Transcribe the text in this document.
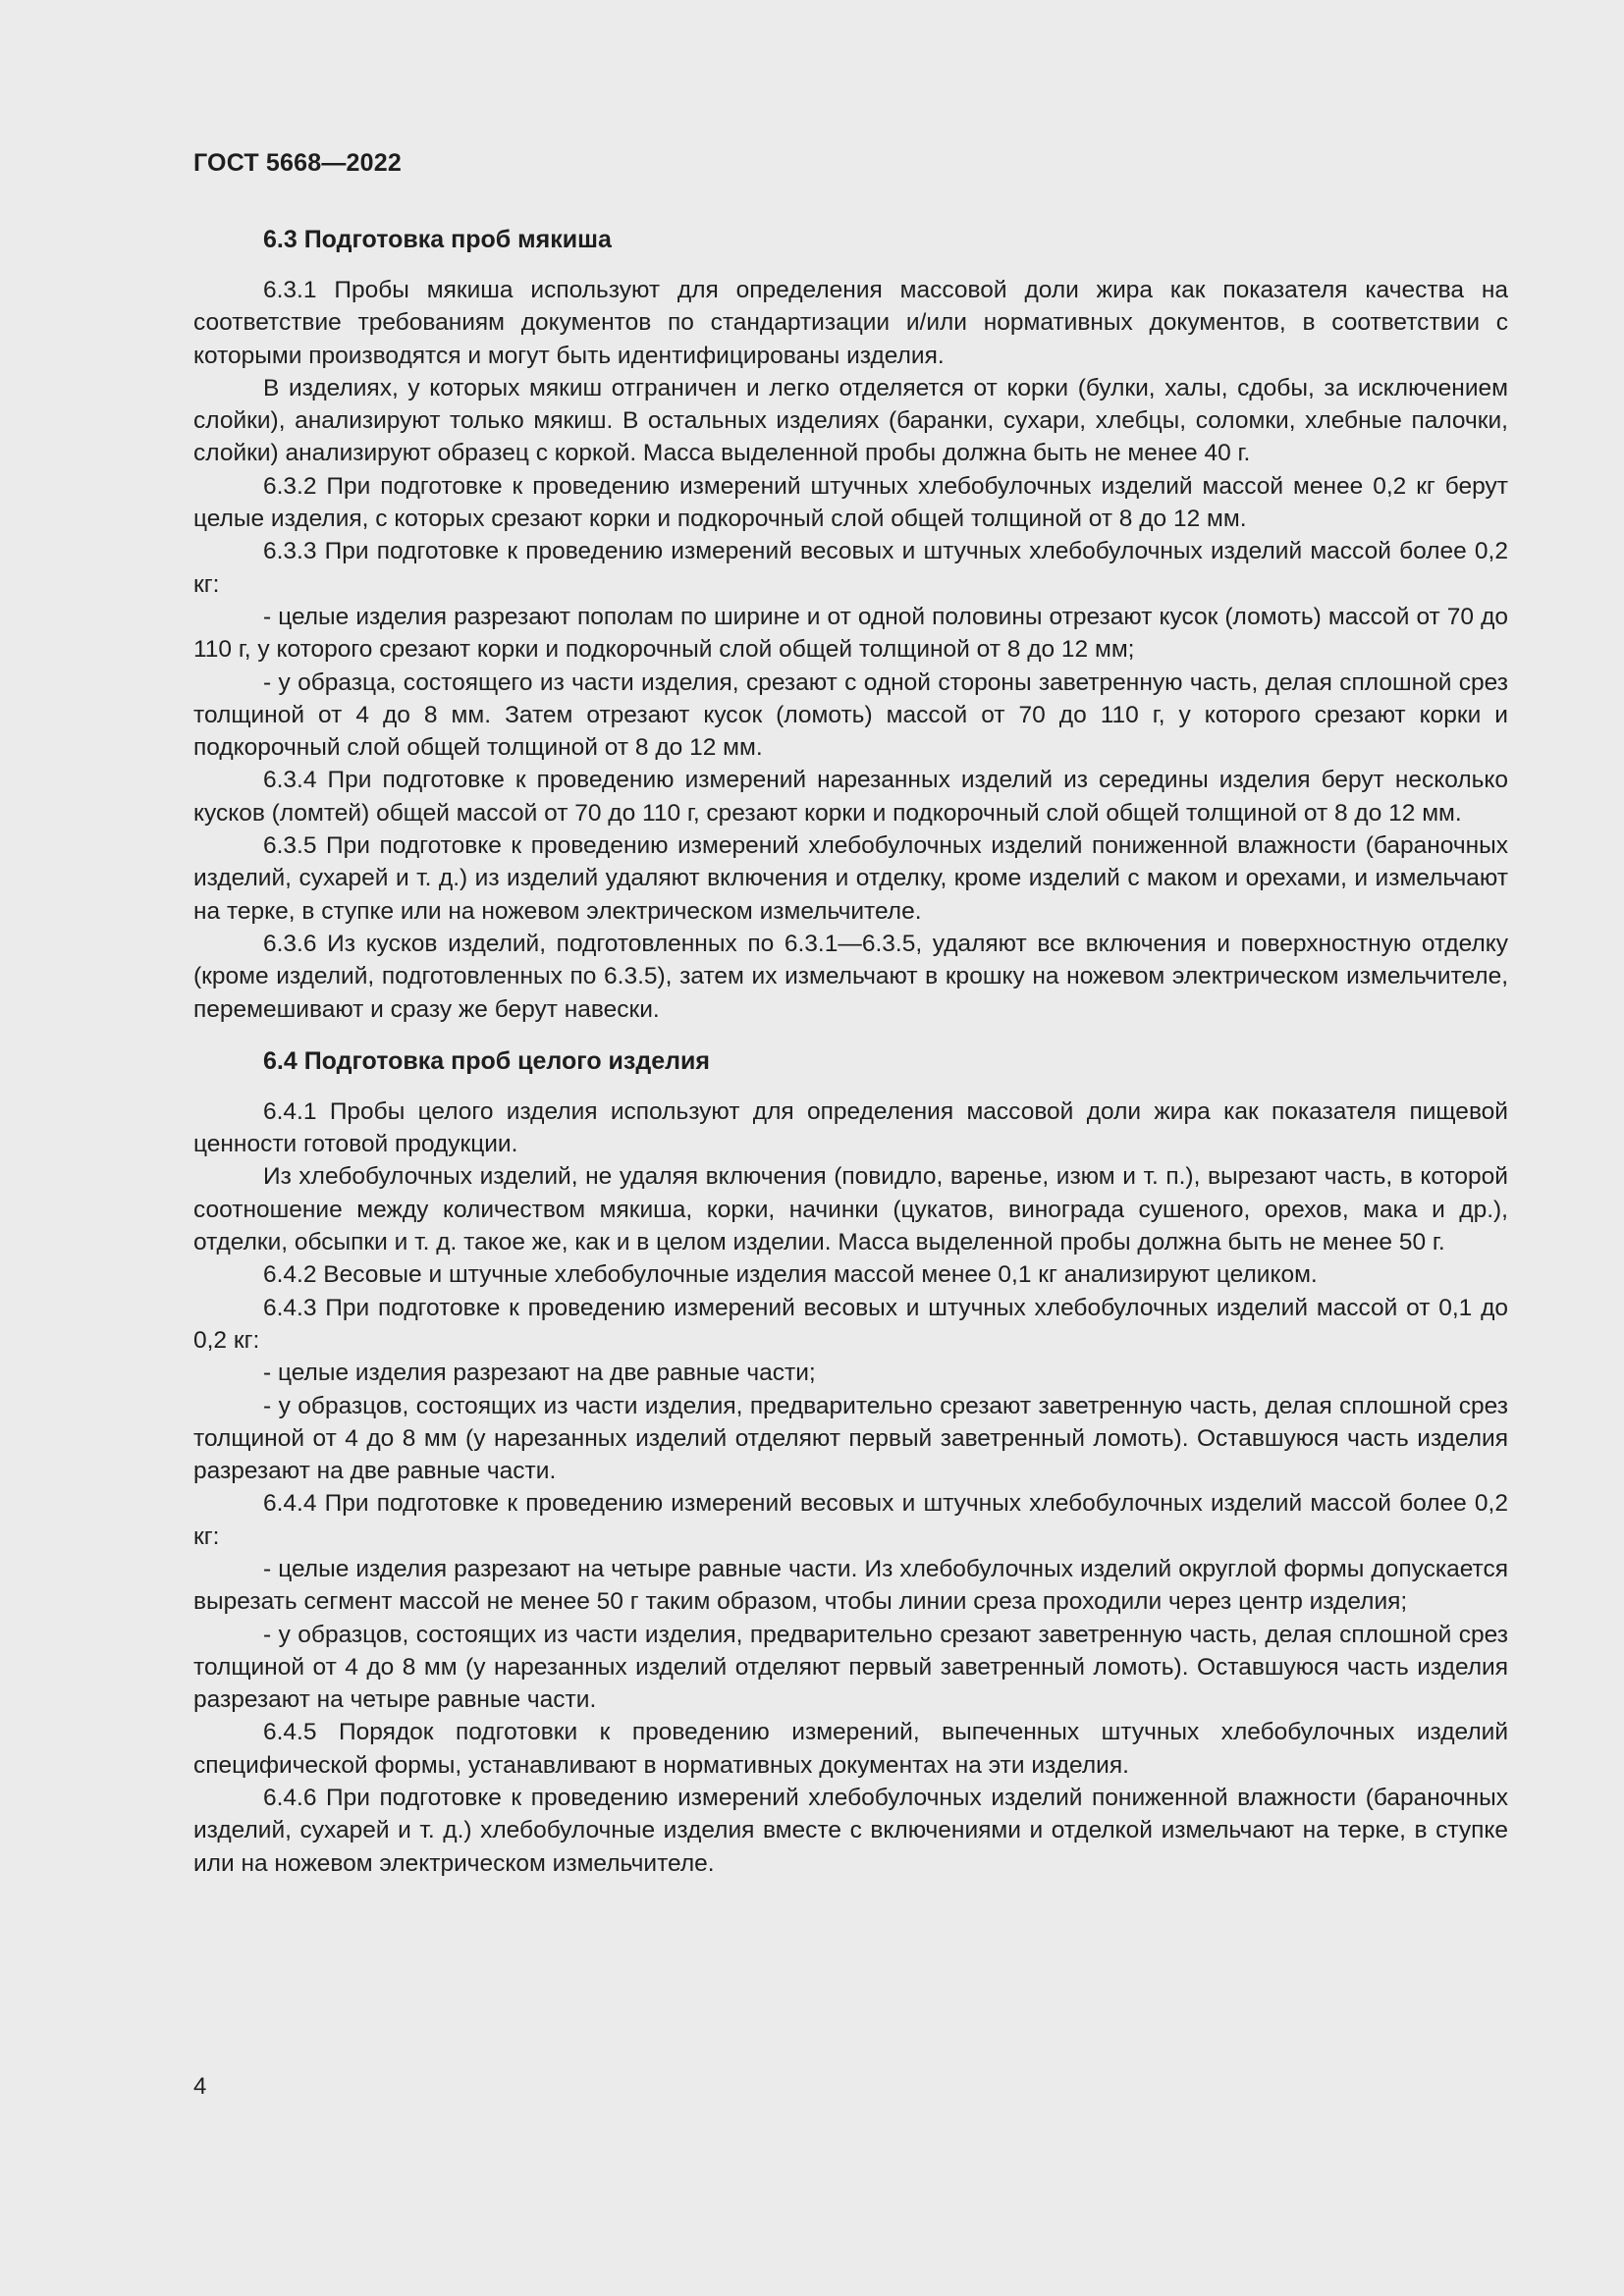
ГОСТ 5668—2022
6.3 Подготовка проб мякиша

6.3.1 Пробы мякиша используют для определения массовой доли жира как показателя качества на соответствие требованиям документов по стандартизации и/или нормативных документов, в соответствии с которыми производятся и могут быть идентифицированы изделия.

В изделиях, у которых мякиш отграничен и легко отделяется от корки (булки, халы, сдобы, за исключением слойки), анализируют только мякиш. В остальных изделиях (баранки, сухари, хлебцы, соломки, хлебные палочки, слойки) анализируют образец с коркой. Масса выделенной пробы должна быть не менее 40 г.

6.3.2 При подготовке к проведению измерений штучных хлебобулочных изделий массой менее 0,2 кг берут целые изделия, с которых срезают корки и подкорочный слой общей толщиной от 8 до 12 мм.

6.3.3 При подготовке к проведению измерений весовых и штучных хлебобулочных изделий массой более 0,2 кг:

- целые изделия разрезают пополам по ширине и от одной половины отрезают кусок (ломоть) массой от 70 до 110 г, у которого срезают корки и подкорочный слой общей толщиной от 8 до 12 мм;

- у образца, состоящего из части изделия, срезают с одной стороны заветренную часть, делая сплошной срез толщиной от 4 до 8 мм. Затем отрезают кусок (ломоть) массой от 70 до 110 г, у которого срезают корки и подкорочный слой общей толщиной от 8 до 12 мм.

6.3.4 При подготовке к проведению измерений нарезанных изделий из середины изделия берут несколько кусков (ломтей) общей массой от 70 до 110 г, срезают корки и подкорочный слой общей толщиной от 8 до 12 мм.

6.3.5 При подготовке к проведению измерений хлебобулочных изделий пониженной влажности (бараночных изделий, сухарей и т. д.) из изделий удаляют включения и отделку, кроме изделий с маком и орехами, и измельчают на терке, в ступке или на ножевом электрическом измельчителе.

6.3.6 Из кусков изделий, подготовленных по 6.3.1—6.3.5, удаляют все включения и поверхностную отделку (кроме изделий, подготовленных по 6.3.5), затем их измельчают в крошку на ножевом электрическом измельчителе, перемешивают и сразу же берут навески.

6.4 Подготовка проб целого изделия

6.4.1 Пробы целого изделия используют для определения массовой доли жира как показателя пищевой ценности готовой продукции.

Из хлебобулочных изделий, не удаляя включения (повидло, варенье, изюм и т. п.), вырезают часть, в которой соотношение между количеством мякиша, корки, начинки (цукатов, винограда сушеного, орехов, мака и др.), отделки, обсыпки и т. д. такое же, как и в целом изделии. Масса выделенной пробы должна быть не менее 50 г.

6.4.2 Весовые и штучные хлебобулочные изделия массой менее 0,1 кг анализируют целиком.

6.4.3 При подготовке к проведению измерений весовых и штучных хлебобулочных изделий массой от 0,1 до 0,2 кг:

- целые изделия разрезают на две равные части;

- у образцов, состоящих из части изделия, предварительно срезают заветренную часть, делая сплошной срез толщиной от 4 до 8 мм (у нарезанных изделий отделяют первый заветренный ломоть). Оставшуюся часть изделия разрезают на две равные части.

6.4.4 При подготовке к проведению измерений весовых и штучных хлебобулочных изделий массой более 0,2 кг:

- целые изделия разрезают на четыре равные части. Из хлебобулочных изделий округлой формы допускается вырезать сегмент массой не менее 50 г таким образом, чтобы линии среза проходили через центр изделия;

- у образцов, состоящих из части изделия, предварительно срезают заветренную часть, делая сплошной срез толщиной от 4 до 8 мм (у нарезанных изделий отделяют первый заветренный ломоть). Оставшуюся часть изделия разрезают на четыре равные части.

6.4.5 Порядок подготовки к проведению измерений, выпеченных штучных хлебобулочных изделий специфической формы, устанавливают в нормативных документах на эти изделия.

6.4.6 При подготовке к проведению измерений хлебобулочных изделий пониженной влажности (бараночных изделий, сухарей и т. д.) хлебобулочные изделия вместе с включениями и отделкой измельчают на терке, в ступке или на ножевом электрическом измельчителе.

4
